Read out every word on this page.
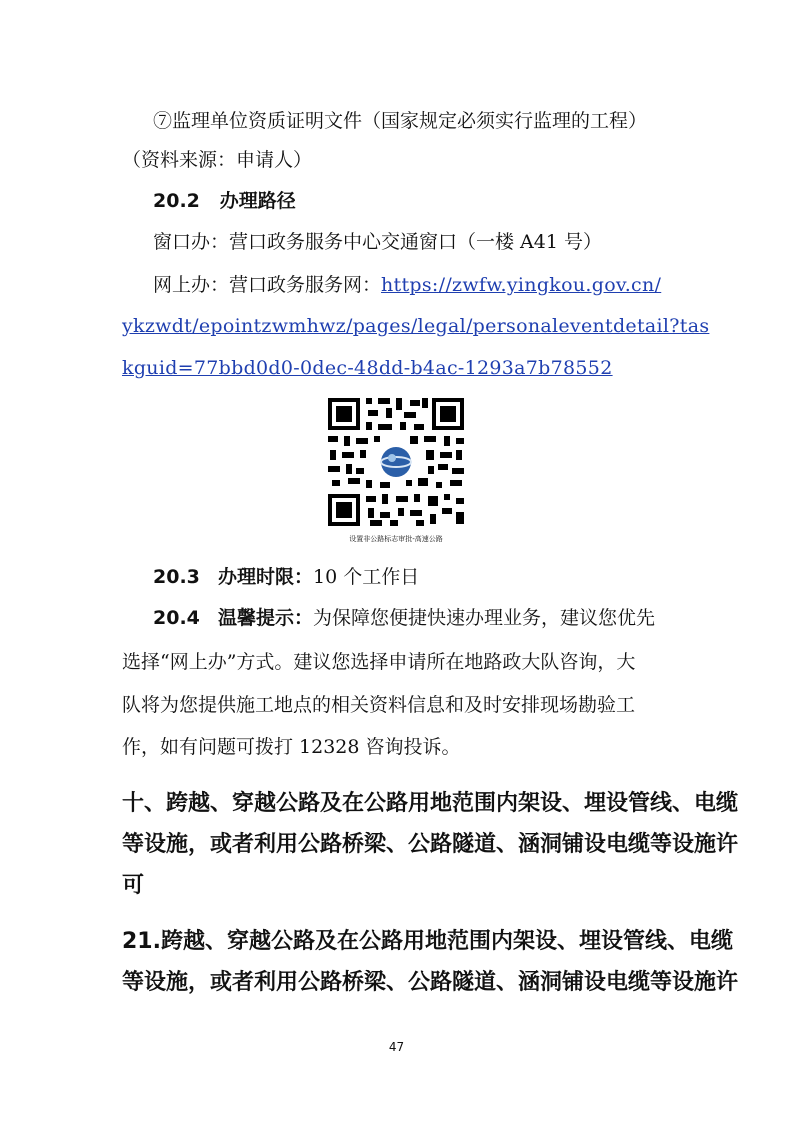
⑦监理单位资质证明文件（国家规定必须实行监理的工程）
（资料来源：申请人）
20.2 办理路径
窗口办：营口政务服务中心交通窗口（一楼 A41 号）
网上办：营口政务服务网：https://zwfw.yingkou.gov.cn/
ykzwdt/epointzwmhwz/pages/legal/personaleventdetail?tas
kguid=77bbd0d0-0dec-48dd-b4ac-1293a7b78552
设置非公路标志审批-高速公路
20.3 办理时限：10 个工作日
20.4 温馨提示：为保障您便捷快速办理业务，建议您优先
选择“网上办”方式。建议您选择申请所在地路政大队咨询，大
队将为您提供施工地点的相关资料信息和及时安排现场勘验工
作，如有问题可拨打 12328 咨询投诉。
十、跨越、穿越公路及在公路用地范围内架设、埋设管线、电缆
等设施，或者利用公路桥梁、公路隧道、涵洞铺设电缆等设施许
可
21.跨越、穿越公路及在公路用地范围内架设、埋设管线、电缆
等设施，或者利用公路桥梁、公路隧道、涵洞铺设电缆等设施许
47
